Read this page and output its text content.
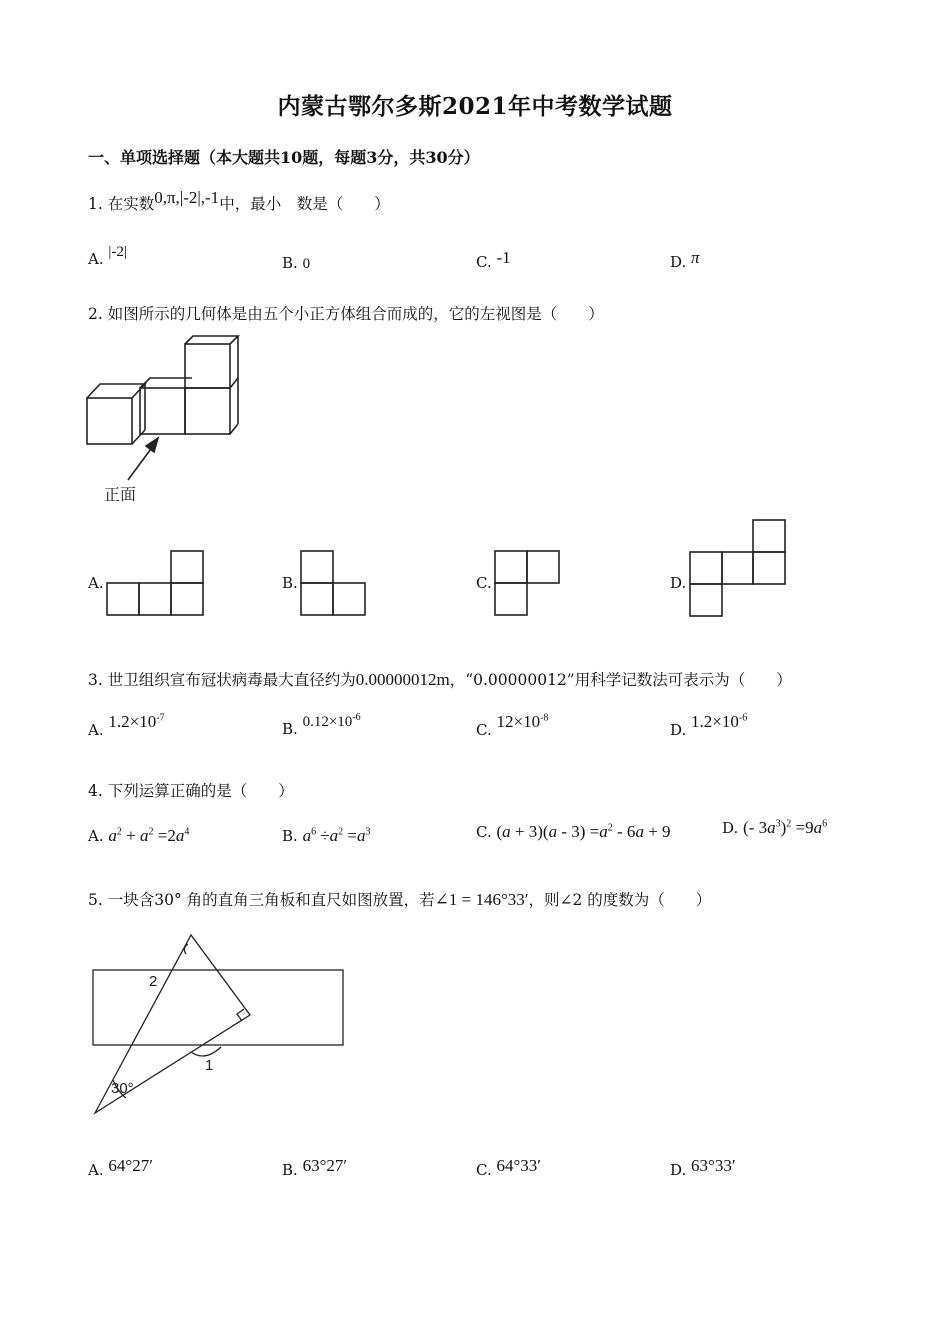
内蒙古鄂尔多斯2021年中考数学试题
一、单项选择题（本大题共10题，每题3分，共30分）
1. 在实数0,π,|-2|,-1中，最小　数是（　　）
A. |-2|
B. 0	C. -1	D. π
2. 如图所示的几何体是由五个小正方体组合而成的，它的左视图是（　　）
正面
A.	B.	C.	D.
3. 世卫组织宣布冠状病毒最大直径约为0.00000012m，“0.00000012”用科学记数法可表示为（　　）
A. $1.2\times 10^{-7}$
B. $0.12\times 10^{-6}$
C. $12\times 10^{-8}$
D. $1.2\times 10^{-6}$
4. 下列运算正确的是（　　）
A. $a^2 + a^2 =2a^4$	B. $a^6 \div a^2 =a^3$	C. $(a + 3)(a - 3) =a^2 - 6a + 9$	D. (- $3a^3)^2 =9a^6$
5. 一块含30° 角的直角三角板和直尺如图放置，若∠1 = 146°33′，则∠2 的度数为（　　）
2
1
30°
A. 64°27′	B. 63°27′	C. 64°33′	D. 63°33′
